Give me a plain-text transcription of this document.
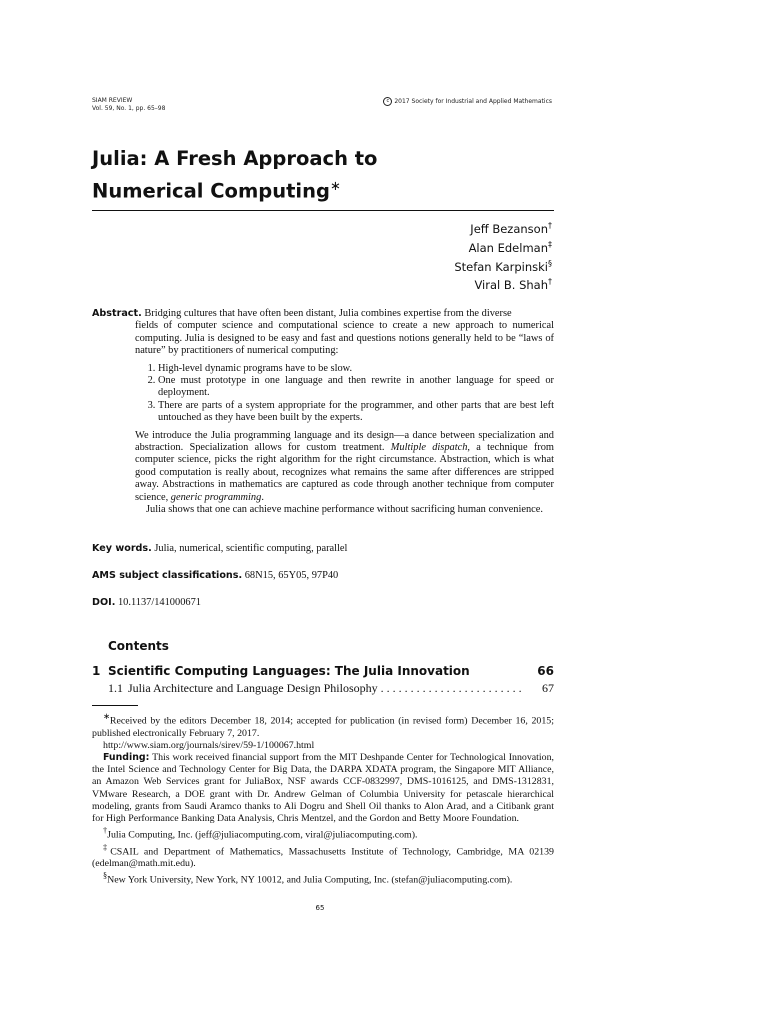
SIAM REVIEW
Vol. 59, No. 1, pp. 65–98
c 2017 Society for Industrial and Applied Mathematics
Julia: A Fresh Approach to
Numerical Computing∗
Jeff Bezanson†
Alan Edelman‡
Stefan Karpinski§
Viral B. Shah†

Abstract. Bridging cultures that have often been distant, Julia combines expertise from the diverse

fields of computer science and computational science to create a new approach to numerical computing. Julia is designed to be easy and fast and questions notions generally held to be “laws of nature” by practitioners of numerical computing:

1. High-level dynamic programs have to be slow.
2. One must prototype in one language and then rewrite in another language for speed or deployment.
3. There are parts of a system appropriate for the programmer, and other parts that are best left untouched as they have been built by the experts.

We introduce the Julia programming language and its design—a dance between specialization and abstraction. Specialization allows for custom treatment. Multiple dispatch, a technique from computer science, picks the right algorithm for the right circumstance. Abstraction, which is what good computation is really about, recognizes what remains the same after differences are stripped away. Abstractions in mathematics are captured as code through another technique from computer science, generic programming.

Julia shows that one can achieve machine performance without sacrificing human convenience.

Key words. Julia, numerical, scientific computing, parallel
AMS subject classifications. 68N15, 65Y05, 97P40
DOI. 10.1137/141000671
Contents
1 Scientific Computing Languages: The Julia Innovation	66
1.1 Julia Architecture and Language Design Philosophy . . . . . . . . . . . . . . . . . . . . . . . .	67

∗Received by the editors December 18, 2014; accepted for publication (in revised form) December 16, 2015; published electronically February 7, 2017.

http://www.siam.org/journals/sirev/59-1/100067.html

Funding: This work received financial support from the MIT Deshpande Center for Technological Innovation, the Intel Science and Technology Center for Big Data, the DARPA XDATA program, the Singapore MIT Alliance, an Amazon Web Services grant for JuliaBox, NSF awards CCF-0832997, DMS-1016125, and DMS-1312831, VMware Research, a DOE grant with Dr. Andrew Gelman of Columbia University for petascale hierarchical modeling, grants from Saudi Aramco thanks to Ali Dogru and Shell Oil thanks to Alon Arad, and a Citibank grant for High Performance Banking Data Analysis, Chris Mentzel, and the Gordon and Betty Moore Foundation.

†Julia Computing, Inc. (jeff@juliacomputing.com, viral@juliacomputing.com).

‡CSAIL and Department of Mathematics, Massachusetts Institute of Technology, Cambridge, MA 02139 (edelman@math.mit.edu).

§New York University, New York, NY 10012, and Julia Computing, Inc. (stefan@juliacomputing.com).

65
